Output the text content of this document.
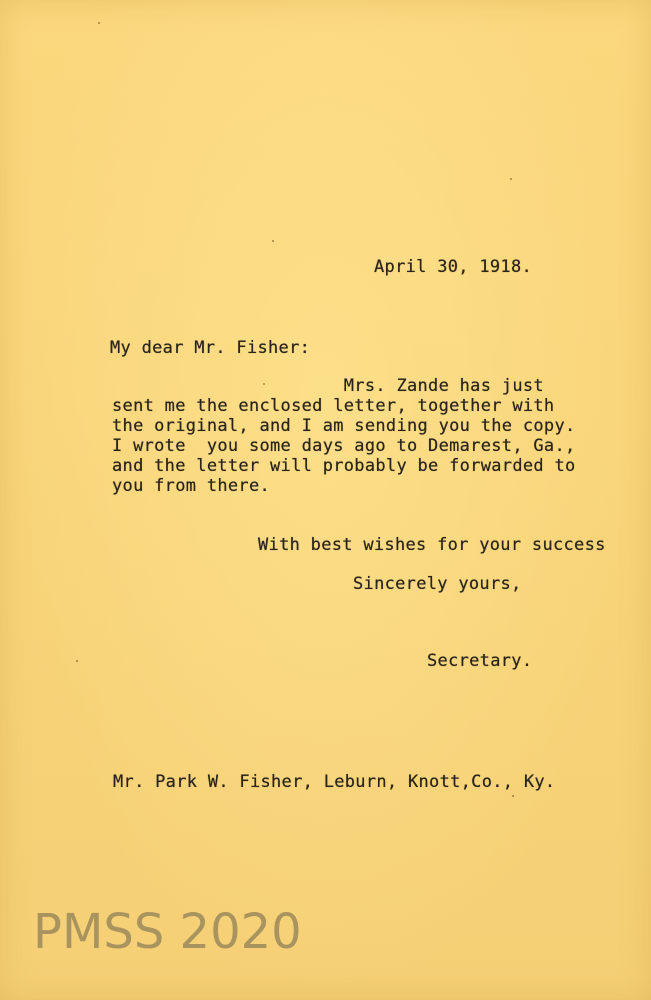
April 30, 1918.
My dear Mr. Fisher:
Mrs. Zande has just
sent me the enclosed letter, together with
the original, and I am sending you the copy.
I wrote  you some days ago to Demarest, Ga.,
and the letter will probably be forwarded to
you from there.
With best wishes for your success
Sincerely yours,
Secretary.
Mr. Park W. Fisher, Leburn, Knott,Co., Ky.
PMSS 2020
